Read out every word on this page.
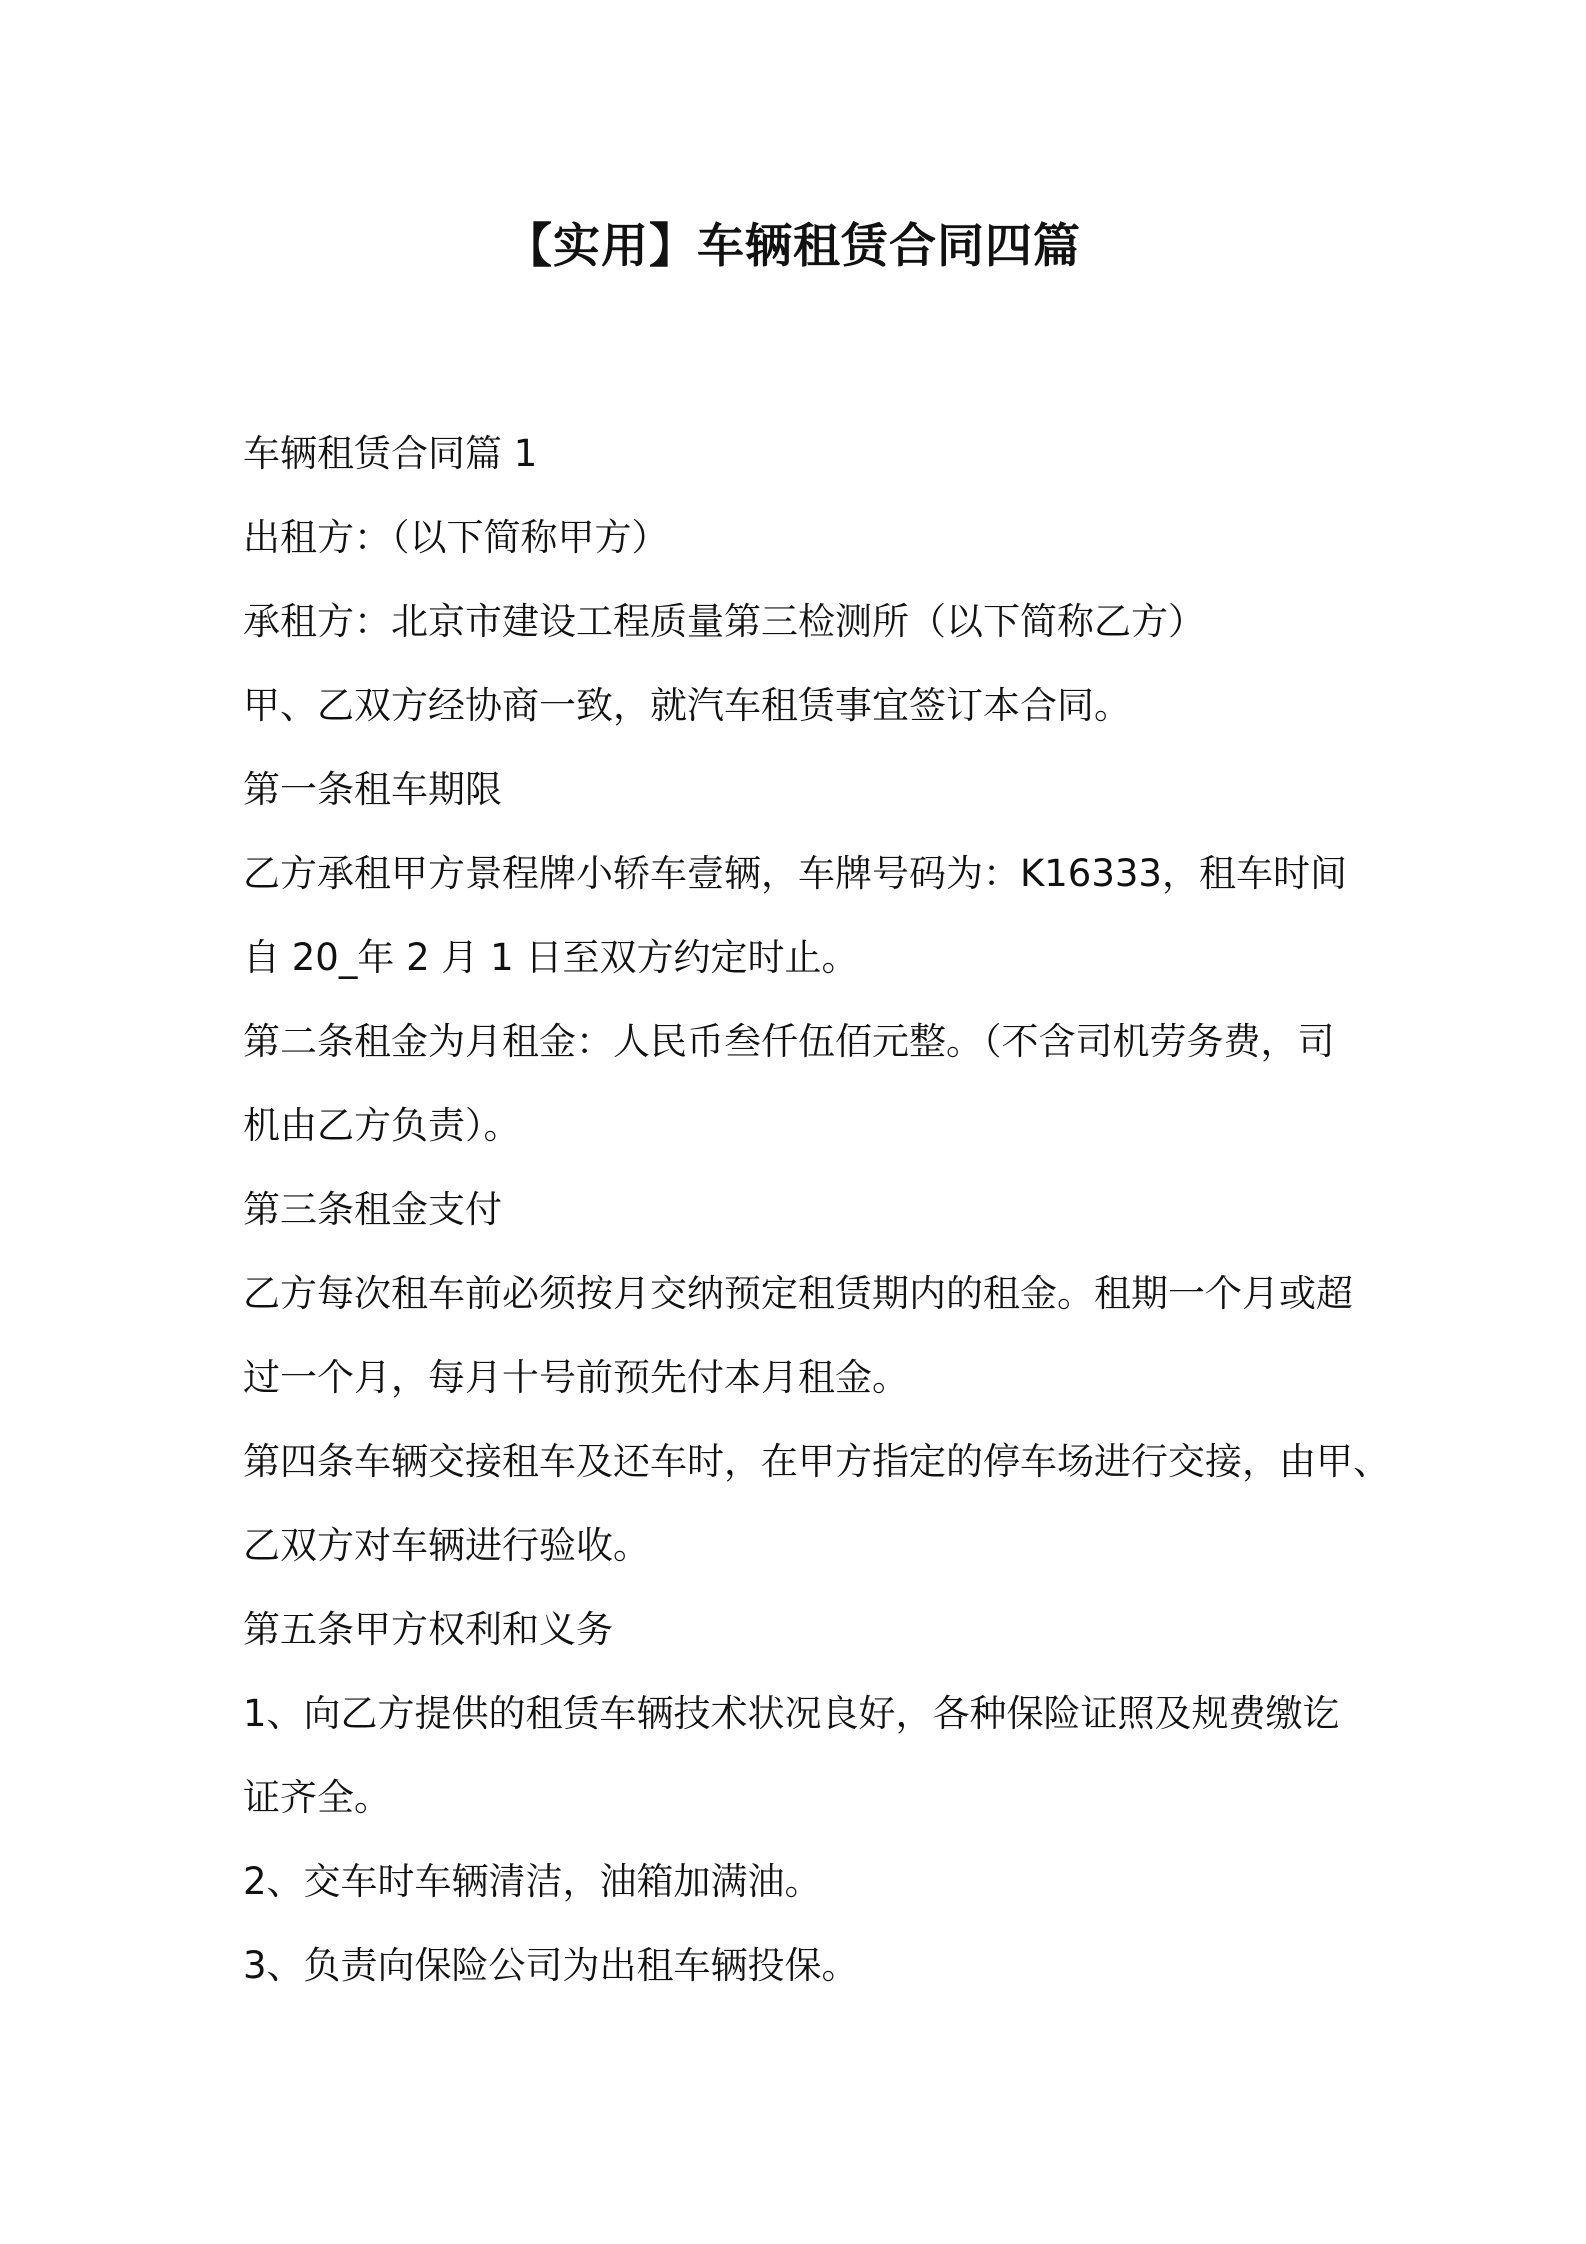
【实用】车辆租赁合同四篇

车辆租赁合同篇 1

出租方：（以下简称甲方）

承租方：北京市建设工程质量第三检测所（以下简称乙方）

甲、乙双方经协商一致，就汽车租赁事宜签订本合同。

第一条租车期限

乙方承租甲方景程牌小轿车壹辆，车牌号码为：K16333，租车时间

自 20_年 2 月 1 日至双方约定时止。

第二条租金为月租金：人民币叁仟伍佰元整。（不含司机劳务费，司

机由乙方负责）。

第三条租金支付

乙方每次租车前必须按月交纳预定租赁期内的租金。租期一个月或超

过一个月，每月十号前预先付本月租金。

第四条车辆交接租车及还车时，在甲方指定的停车场进行交接，由甲、

乙双方对车辆进行验收。

第五条甲方权利和义务

1、向乙方提供的租赁车辆技术状况良好，各种保险证照及规费缴讫

证齐全。

2、交车时车辆清洁，油箱加满油。

3、负责向保险公司为出租车辆投保。
